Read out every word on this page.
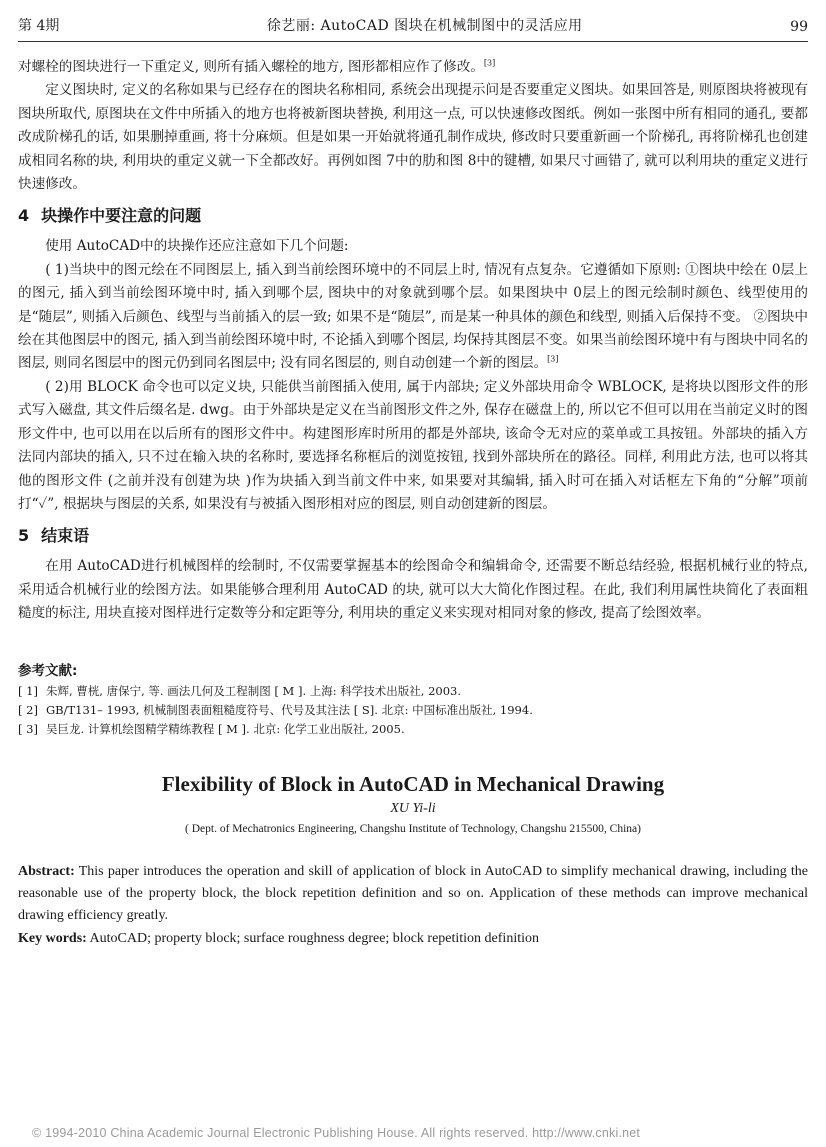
第 4期	徐艺丽: AutoCAD 图块在机械制图中的灵活应用	99

对螺栓的图块进行一下重定义, 则所有插入螺栓的地方, 图形都相应作了修改。[3]

定义图块时, 定义的名称如果与已经存在的图块名称相同, 系统会出现提示问是否要重定义图块。如果回答是, 则原图块将被现有图块所取代, 原图块在文件中所插入的地方也将被新图块替换, 利用这一点, 可以快速修改图纸。例如一张图中所有相同的通孔, 要都改成阶梯孔的话, 如果删掉重画, 将十分麻烦。但是如果一开始就将通孔制作成块, 修改时只要重新画一个阶梯孔, 再将阶梯孔也创建成相同名称的块, 利用块的重定义就一下全都改好。再例如图 7中的肋和图 8中的键槽, 如果尺寸画错了, 就可以利用块的重定义进行快速修改。

4 块操作中要注意的问题

使用 AutoCAD中的块操作还应注意如下几个问题:

( 1)当块中的图元绘在不同图层上, 插入到当前绘图环境中的不同层上时, 情况有点复杂。它遵循如下原则: ①图块中绘在 0层上的图元, 插入到当前绘图环境中时, 插入到哪个层, 图块中的对象就到哪个层。如果图块中 0层上的图元绘制时颜色、线型使用的是“随层”, 则插入后颜色、线型与当前插入的层一致; 如果不是“随层”, 而是某一种具体的颜色和线型, 则插入后保持不变。 ②图块中绘在其他图层中的图元, 插入到当前绘图环境中时, 不论插入到哪个图层, 均保持其图层不变。如果当前绘图环境中有与图块中同名的图层, 则同名图层中的图元仍到同名图层中; 没有同名图层的, 则自动创建一个新的图层。[3]

( 2)用 BLOCK 命令也可以定义块, 只能供当前图插入使用, 属于内部块; 定义外部块用命令 WBLOCK, 是将块以图形文件的形式写入磁盘, 其文件后缀名是. dwg。由于外部块是定义在当前图形文件之外, 保存在磁盘上的, 所以它不但可以用在当前定义时的图形文件中, 也可以用在以后所有的图形文件中。构建图形库时所用的都是外部块, 该命令无对应的菜单或工具按钮。外部块的插入方法同内部块的插入, 只不过在输入块的名称时, 要选择名称框后的浏览按钮, 找到外部块所在的路径。同样, 利用此方法, 也可以将其他的图形文件 (之前并没有创建为块 )作为块插入到当前文件中来, 如果要对其编辑, 插入时可在插入对话框左下角的“分解”项前打“✓”, 根据块与图层的关系, 如果没有与被插入图形相对应的图层, 则自动创建新的图层。

5 结束语

在用 AutoCAD进行机械图样的绘制时, 不仅需要掌握基本的绘图命令和编辑命令, 还需要不断总结经验, 根据机械行业的特点, 采用适合机械行业的绘图方法。如果能够合理利用 AutoCAD 的块, 就可以大大简化作图过程。在此, 我们利用属性块简化了表面粗糙度的标注, 用块直接对图样进行定数等分和定距等分, 利用块的重定义来实现对相同对象的修改, 提高了绘图效率。

参考文献:
[ 1] 朱辉, 曹桄, 唐保宁, 等. 画法几何及工程制图 [ M ]. 上海: 科学技术出版社, 2003.
[ 2] GB/T131– 1993, 机械制图表面粗糙度符号、代号及其注法 [ S]. 北京: 中国标准出版社, 1994.
[ 3] 吴巨龙. 计算机绘图精学精练教程 [ M ]. 北京: 化学工业出版社, 2005.
Flexibility of Block in AutoCAD in Mechanical Drawing
XU Yi-li
( Dept. of Mechatronics Engineering, Changshu Institute of Technology, Changshu 215500, China)
Abstract: This paper introduces the operation and skill of application of block in AutoCAD to simplify mechanical drawing, including the reasonable use of the property block, the block repetition definition and so on. Application of these methods can improve mechanical drawing efficiency greatly.
Key words: AutoCAD; property block; surface roughness degree; block repetition definition
© 1994-2010 China Academic Journal Electronic Publishing House. All rights reserved. http://www.cnki.net
